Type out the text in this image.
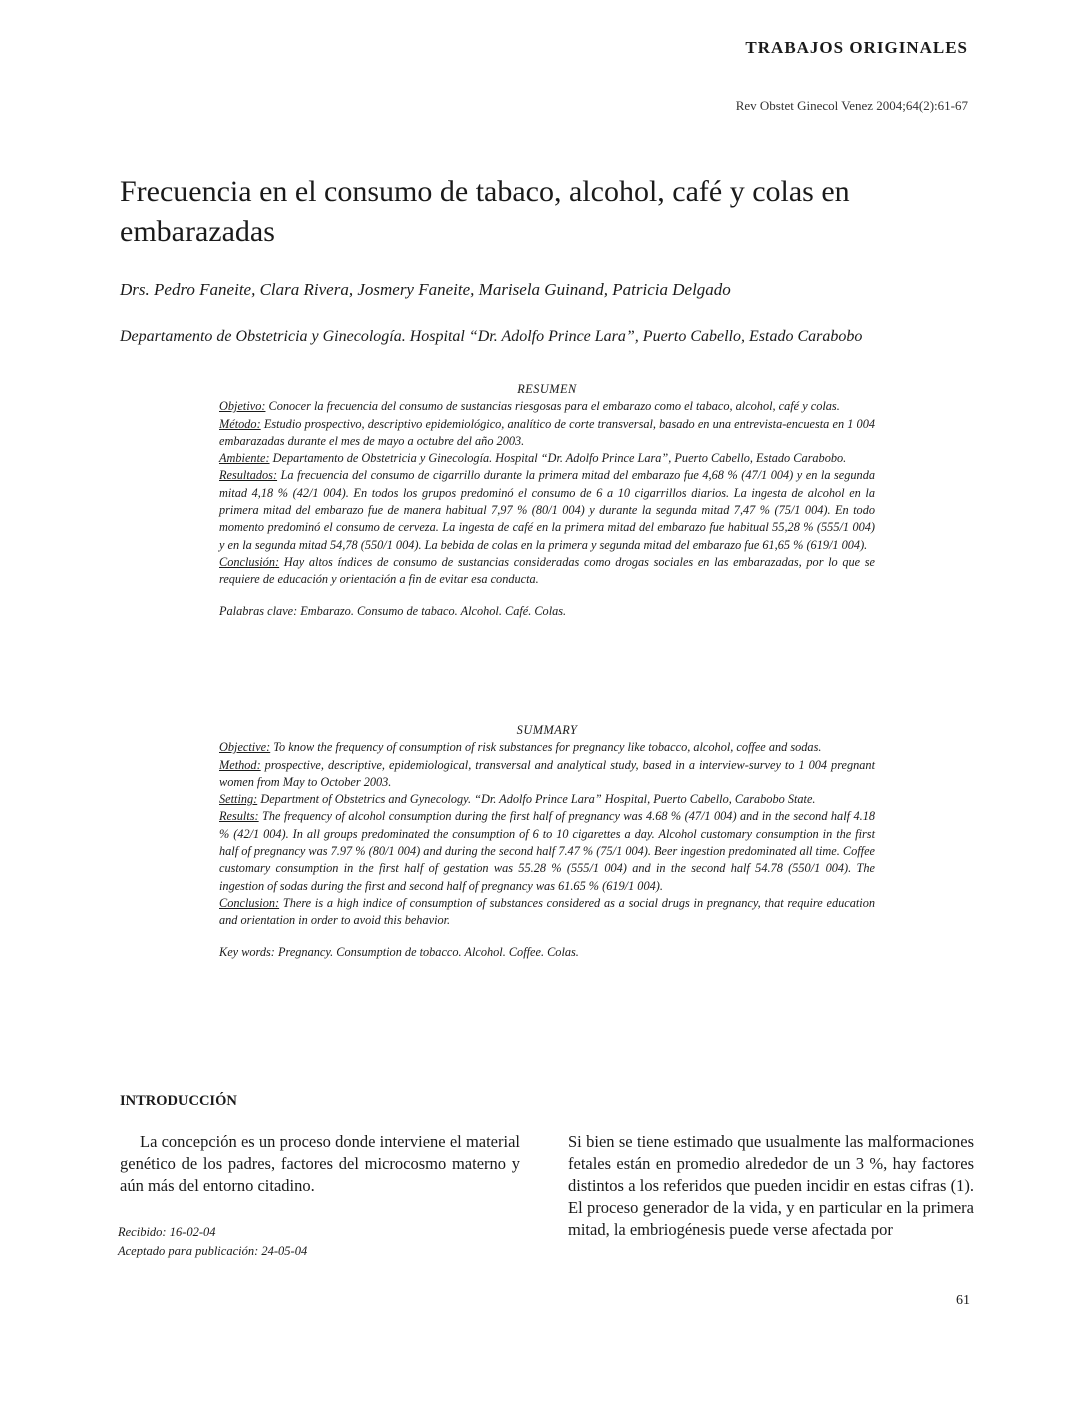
TRABAJOS ORIGINALES
Rev Obstet Ginecol Venez 2004;64(2):61-67
Frecuencia en el consumo de tabaco, alcohol, café y colas en embarazadas
Drs. Pedro Faneite, Clara Rivera, Josmery Faneite, Marisela Guinand, Patricia Delgado
Departamento de Obstetricia y Ginecología. Hospital “Dr. Adolfo Prince Lara”, Puerto Cabello, Estado Carabobo
RESUMEN

Objetivo: Conocer la frecuencia del consumo de sustancias riesgosas para el embarazo como el tabaco, alcohol, café y colas.

Método: Estudio prospectivo, descriptivo epidemiológico, analítico de corte transversal, basado en una entrevista-encuesta en 1 004 embarazadas durante el mes de mayo a octubre del año 2003.

Ambiente: Departamento de Obstetricia y Ginecología. Hospital “Dr. Adolfo Prince Lara”, Puerto Cabello, Estado Carabobo.

Resultados: La frecuencia del consumo de cigarrillo durante la primera mitad del embarazo fue 4,68 % (47/1 004) y en la segunda mitad 4,18 % (42/1 004). En todos los grupos predominó el consumo de 6 a 10 cigarrillos diarios. La ingesta de alcohol en la primera mitad del embarazo fue de manera habitual 7,97 % (80/1 004) y durante la segunda mitad 7,47 % (75/1 004). En todo momento predominó el consumo de cerveza. La ingesta de café en la primera mitad del embarazo fue habitual 55,28 % (555/1 004) y en la segunda mitad 54,78 (550/1 004). La bebida de colas en la primera y segunda mitad del embarazo fue 61,65 % (619/1 004).

Conclusión: Hay altos índices de consumo de sustancias consideradas como drogas sociales en las embarazadas, por lo que se requiere de educación y orientación a fin de evitar esa conducta.

Palabras clave: Embarazo. Consumo de tabaco. Alcohol. Café. Colas.

SUMMARY

Objective: To know the frequency of consumption of risk substances for pregnancy like tobacco, alcohol, coffee and sodas.

Method: prospective, descriptive, epidemiological, transversal and analytical study, based in a interview-survey to 1 004 pregnant women from May to October 2003.

Setting: Department of Obstetrics and Gynecology. “Dr. Adolfo Prince Lara” Hospital, Puerto Cabello, Carabobo State.

Results: The frequency of alcohol consumption during the first half of pregnancy was 4.68 % (47/1 004) and in the second half 4.18 % (42/1 004). In all groups predominated the consumption of 6 to 10 cigarettes a day. Alcohol customary consumption in the first half of pregnancy was 7.97 % (80/1 004) and during the second half 7.47 % (75/1 004). Beer ingestion predominated all time. Coffee customary consumption in the first half of gestation was 55.28 % (555/1 004) and in the second half 54.78 (550/1 004). The ingestion of sodas during the first and second half of pregnancy was 61.65 % (619/1 004).

Conclusion: There is a high indice of consumption of substances considered as a social drugs in pregnancy, that require education and orientation in order to avoid this behavior.

Key words: Pregnancy. Consumption de tobacco. Alcohol. Coffee. Colas.

INTRODUCCIÓN
La concepción es un proceso donde interviene el material genético de los padres, factores del microcosmo materno y aún más del entorno citadino.
Si bien se tiene estimado que usualmente las malformaciones fetales están en promedio alrededor de un 3 %, hay factores distintos a los referidos que pueden incidir en estas cifras (1). El proceso generador de la vida, y en particular en la primera mitad, la embriogénesis puede verse afectada por
Recibido: 16-02-04
Aceptado para publicación: 24-05-04
61
